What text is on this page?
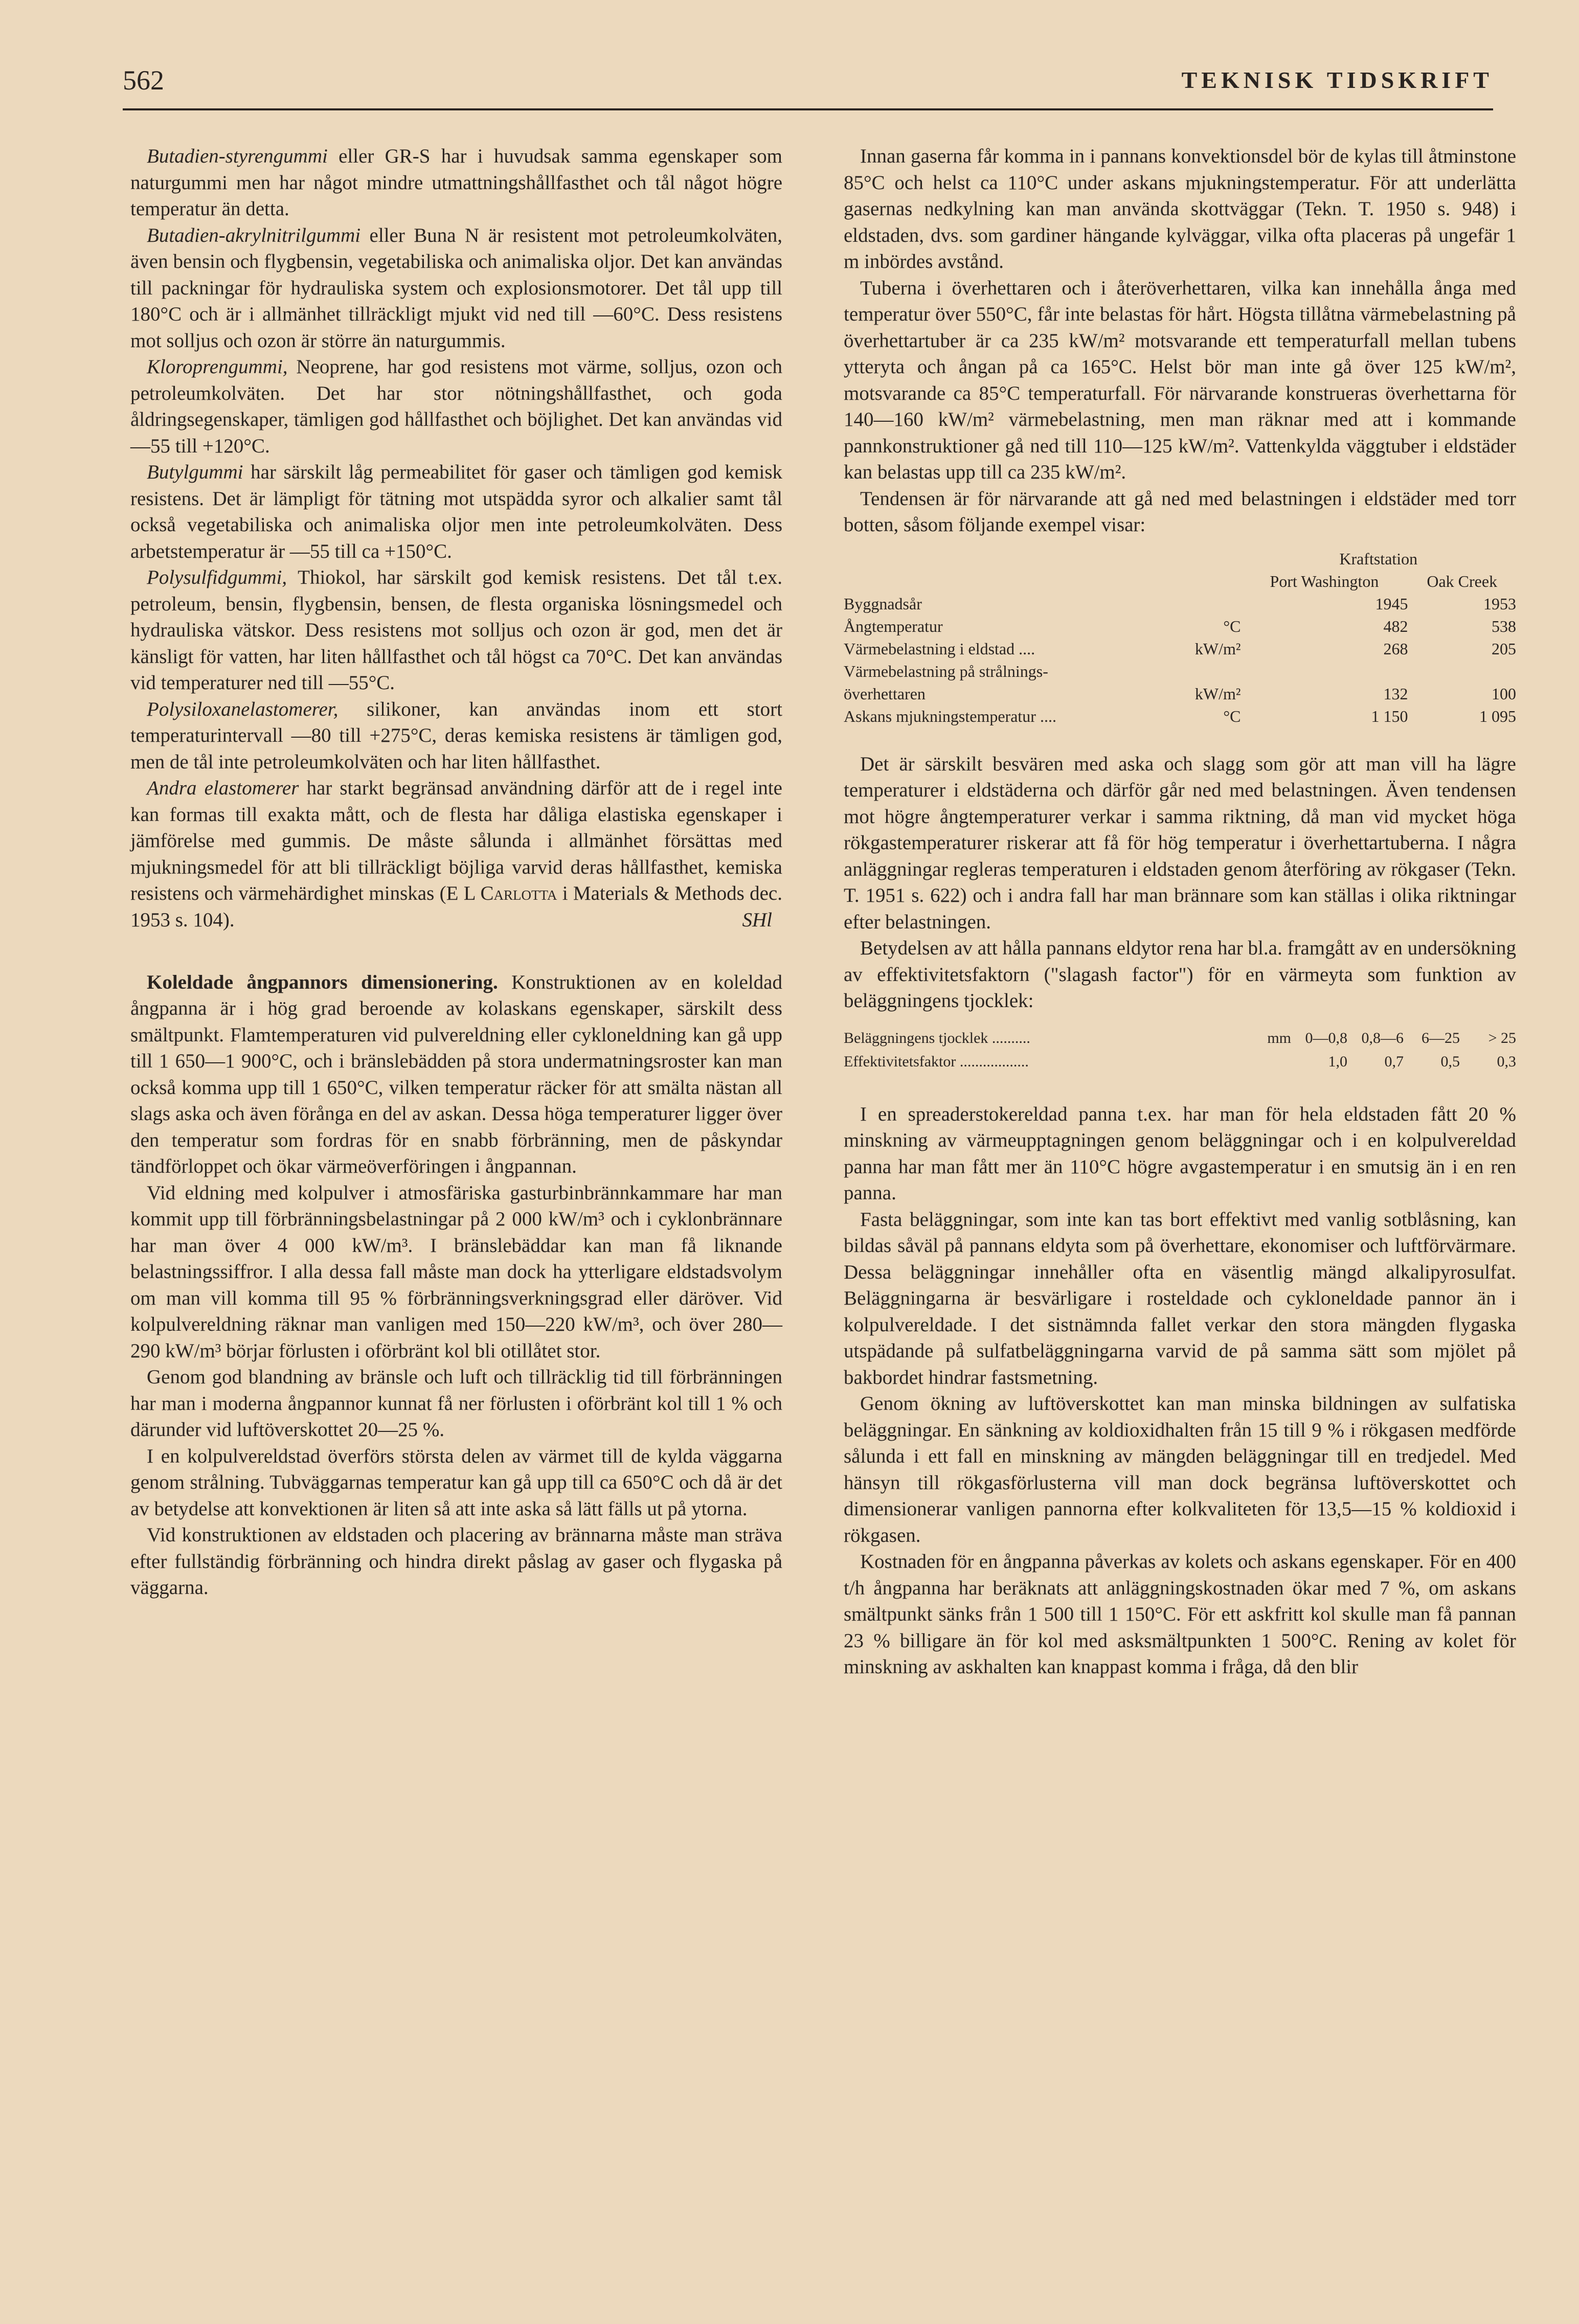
562	TEKNISK TIDSKRIFT

Butadien-styrengummi eller GR-S har i huvudsak samma egenskaper som naturgummi men har något mindre utmattningshållfasthet och tål något högre temperatur än detta.

Butadien-akrylnitrilgummi eller Buna N är resistent mot petroleumkolväten, även bensin och flygbensin, vegetabiliska och animaliska oljor. Det kan användas till packningar för hydrauliska system och explosionsmotorer. Det tål upp till 180°C och är i allmänhet tillräckligt mjukt vid ned till —60°C. Dess resistens mot solljus och ozon är större än naturgummis.

Kloroprengummi, Neoprene, har god resistens mot värme, solljus, ozon och petroleumkolväten. Det har stor nötningshållfasthet, och goda åldringsegenskaper, tämligen god hållfasthet och böjlighet. Det kan användas vid —55 till +120°C.

Butylgummi har särskilt låg permeabilitet för gaser och tämligen god kemisk resistens. Det är lämpligt för tätning mot utspädda syror och alkalier samt tål också vegetabiliska och animaliska oljor men inte petroleumkolväten. Dess arbetstemperatur är —55 till ca +150°C.

Polysulfidgummi, Thiokol, har särskilt god kemisk resistens. Det tål t.ex. petroleum, bensin, flygbensin, bensen, de flesta organiska lösningsmedel och hydrauliska vätskor. Dess resistens mot solljus och ozon är god, men det är känsligt för vatten, har liten hållfasthet och tål högst ca 70°C. Det kan användas vid temperaturer ned till —55°C.

Polysiloxanelastomerer, silikoner, kan användas inom ett stort temperaturintervall —80 till +275°C, deras kemiska resistens är tämligen god, men de tål inte petroleumkolväten och har liten hållfasthet.

Andra elastomerer har starkt begränsad användning därför att de i regel inte kan formas till exakta mått, och de flesta har dåliga elastiska egenskaper i jämförelse med gummis. De måste sålunda i allmänhet försättas med mjukningsmedel för att bli tillräckligt böjliga varvid deras hållfasthet, kemiska resistens och värmehärdighet minskas (E L Carlotta i Materials & Methods dec. 1953 s. 104).	SHl

Koleldade ångpannors dimensionering. Konstruktionen av en koleldad ångpanna är i hög grad beroende av kolaskans egenskaper, särskilt dess smältpunkt. Flamtemperaturen vid pulvereldning eller cykloneldning kan gå upp till 1 650—1 900°C, och i bränslebädden på stora undermatningsroster kan man också komma upp till 1 650°C, vilken temperatur räcker för att smälta nästan all slags aska och även förånga en del av askan. Dessa höga temperaturer ligger över den temperatur som fordras för en snabb förbränning, men de påskyndar tändförloppet och ökar värmeöverföringen i ångpannan.

Vid eldning med kolpulver i atmosfäriska gasturbinbrännkammare har man kommit upp till förbränningsbelastningar på 2 000 kW/m³ och i cyklonbrännare har man över 4 000 kW/m³. I bränslebäddar kan man få liknande belastningssiffror. I alla dessa fall måste man dock ha ytterligare eldstadsvolym om man vill komma till 95 % förbränningsverkningsgrad eller däröver. Vid kolpulvereldning räknar man vanligen med 150—220 kW/m³, och över 280—290 kW/m³ börjar förlusten i oförbränt kol bli otillåtet stor.

Genom god blandning av bränsle och luft och tillräcklig tid till förbränningen har man i moderna ångpannor kunnat få ner förlusten i oförbränt kol till 1 % och därunder vid luftöverskottet 20—25 %.

I en kolpulvereldstad överförs största delen av värmet till de kylda väggarna genom strålning. Tubväggarnas temperatur kan gå upp till ca 650°C och då är det av betydelse att konvektionen är liten så att inte aska så lätt fälls ut på ytorna.

Vid konstruktionen av eldstaden och placering av brännarna måste man sträva efter fullständig förbränning och hindra direkt påslag av gaser och flygaska på väggarna.

Innan gaserna får komma in i pannans konvektionsdel bör de kylas till åtminstone 85°C och helst ca 110°C under askans mjukningstemperatur. För att underlätta gasernas nedkylning kan man använda skottväggar (Tekn. T. 1950 s. 948) i eldstaden, dvs. som gardiner hängande kylväggar, vilka ofta placeras på ungefär 1 m inbördes avstånd.

Tuberna i överhettaren och i återöverhettaren, vilka kan innehålla ånga med temperatur över 550°C, får inte belastas för hårt. Högsta tillåtna värmebelastning på överhettartuber är ca 235 kW/m² motsvarande ett temperaturfall mellan tubens ytteryta och ångan på ca 165°C. Helst bör man inte gå över 125 kW/m², motsvarande ca 85°C temperaturfall. För närvarande konstrueras överhettarna för 140—160 kW/m² värmebelastning, men man räknar med att i kommande pannkonstruktioner gå ned till 110—125 kW/m². Vattenkylda väggtuber i eldstäder kan belastas upp till ca 235 kW/m².

Tendensen är för närvarande att gå ned med belastningen i eldstäder med torr botten, såsom följande exempel visar:

		Kraftstation	
		Port Washington	Oak Creek
Byggnadsår		1945	1953
Ångtemperatur	°C	482	538
Värmebelastning i eldstad ....	kW/m²	268	205
Värmebelastning på strålnings-			
överhettaren	kW/m²	132	100
Askans mjukningstemperatur ....	°C	1 150	1 095

Det är särskilt besvären med aska och slagg som gör att man vill ha lägre temperaturer i eldstäderna och därför går ned med belastningen. Även tendensen mot högre ångtemperaturer verkar i samma riktning, då man vid mycket höga rökgastemperaturer riskerar att få för hög temperatur i överhettartuberna. I några anläggningar regleras temperaturen i eldstaden genom återföring av rökgaser (Tekn. T. 1951 s. 622) och i andra fall har man brännare som kan ställas i olika riktningar efter belastningen.

Betydelsen av att hålla pannans eldytor rena har bl.a. framgått av en undersökning av effektivitetsfaktorn ("slagash factor") för en värmeyta som funktion av beläggningens tjocklek:

Beläggningens tjocklek ..........	mm	0—0,8	0,8—6	6—25	> 25
Effektivitetsfaktor ..................		1,0	0,7	0,5	0,3

I en spreaderstokereldad panna t.ex. har man för hela eldstaden fått 20 % minskning av värmeupptagningen genom beläggningar och i en kolpulvereldad panna har man fått mer än 110°C högre avgastemperatur i en smutsig än i en ren panna.

Fasta beläggningar, som inte kan tas bort effektivt med vanlig sotblåsning, kan bildas såväl på pannans eldyta som på överhettare, ekonomiser och luftförvärmare. Dessa beläggningar innehåller ofta en väsentlig mängd alkalipyrosulfat. Beläggningarna är besvärligare i rosteldade och cykloneldade pannor än i kolpulvereldade. I det sistnämnda fallet verkar den stora mängden flygaska utspädande på sulfatbeläggningarna varvid de på samma sätt som mjölet på bakbordet hindrar fastsmetning.

Genom ökning av luftöverskottet kan man minska bildningen av sulfatiska beläggningar. En sänkning av koldioxidhalten från 15 till 9 % i rökgasen medförde sålunda i ett fall en minskning av mängden beläggningar till en tredjedel. Med hänsyn till rökgasförlusterna vill man dock begränsa luftöverskottet och dimensionerar vanligen pannorna efter kolkvaliteten för 13,5—15 % koldioxid i rökgasen.

Kostnaden för en ångpanna påverkas av kolets och askans egenskaper. För en 400 t/h ångpanna har beräknats att anläggningskostnaden ökar med 7 %, om askans smältpunkt sänks från 1 500 till 1 150°C. För ett askfritt kol skulle man få pannan 23 % billigare än för kol med asksmältpunkten 1 500°C. Rening av kolet för minskning av askhalten kan knappast komma i fråga, då den blir
